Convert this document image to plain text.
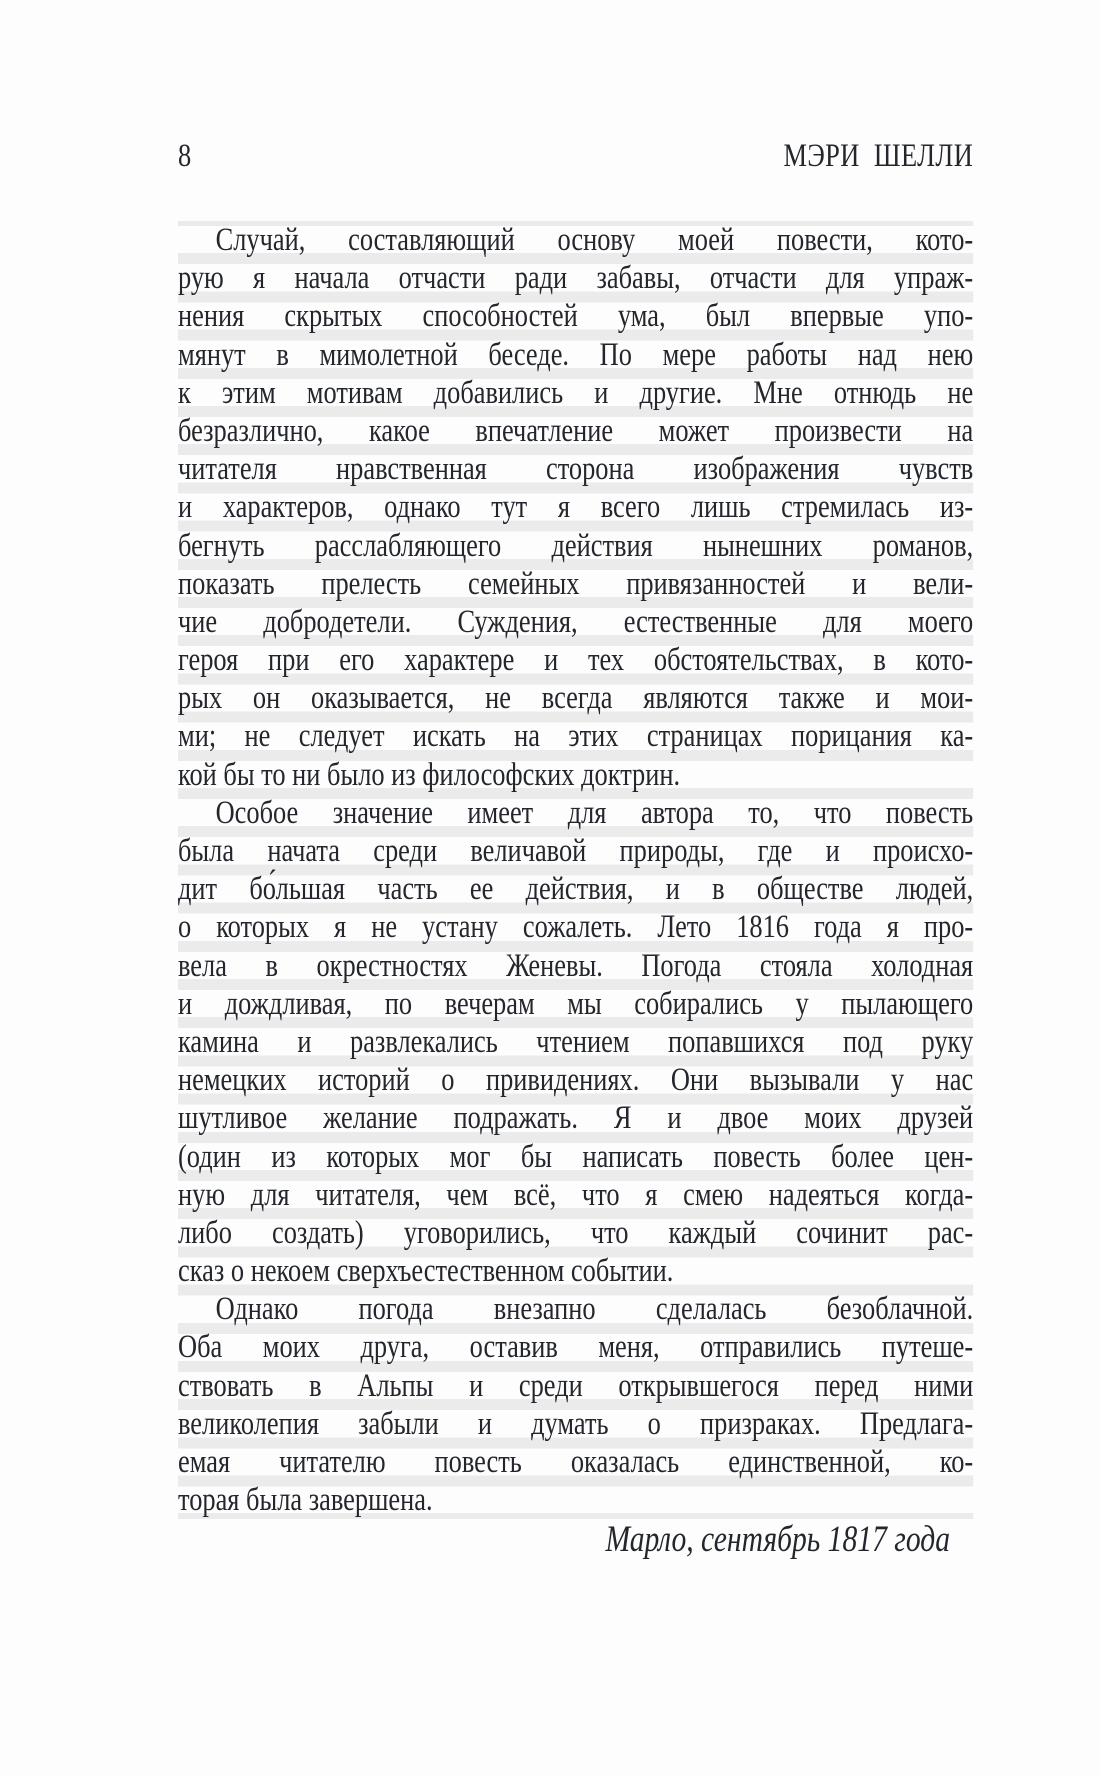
8	МЭРИ ШЕЛЛИ
Случай, составляющий основу моей повести, кото-
рую я начала отчасти ради забавы, отчасти для упраж-
нения скрытых способностей ума, был впервые упо-
мянут в мимолетной беседе. По мере работы над нею
к этим мотивам добавились и другие. Мне отнюдь не
безразлично, какое впечатление может произвести на
читателя нравственная сторона изображения чувств
и характеров, однако тут я всего лишь стремилась из-
бегнуть расслабляющего действия нынешних романов,
показать прелесть семейных привязанностей и вели-
чие добродетели. Суждения, естественные для моего
героя при его характере и тех обстоятельствах, в кото-
рых он оказывается, не всегда являются также и мои-
ми; не следует искать на этих страницах порицания ка-
кой бы то ни было из философских доктрин.
Особое значение имеет для автора то, что повесть
была начата среди величавой природы, где и происхо-
дит бо́льшая часть ее действия, и в обществе людей,
о которых я не устану сожалеть. Лето 1816 года я про-
вела в окрестностях Женевы. Погода стояла холодная
и дождливая, по вечерам мы собирались у пылающего
камина и развлекались чтением попавшихся под руку
немецких историй о привидениях. Они вызывали у нас
шутливое желание подражать. Я и двое моих друзей
(один из которых мог бы написать повесть более цен-
ную для читателя, чем всё, что я смею надеяться когда-
либо создать) уговорились, что каждый сочинит рас-
сказ о некоем сверхъестественном событии.
Однако погода внезапно сделалась безоблачной.
Оба моих друга, оставив меня, отправились путеше-
ствовать в Альпы и среди открывшегося перед ними
великолепия забыли и думать о призраках. Предлага-
емая читателю повесть оказалась единственной, ко-
торая была завершена.
Марло, сентябрь 1817 года
